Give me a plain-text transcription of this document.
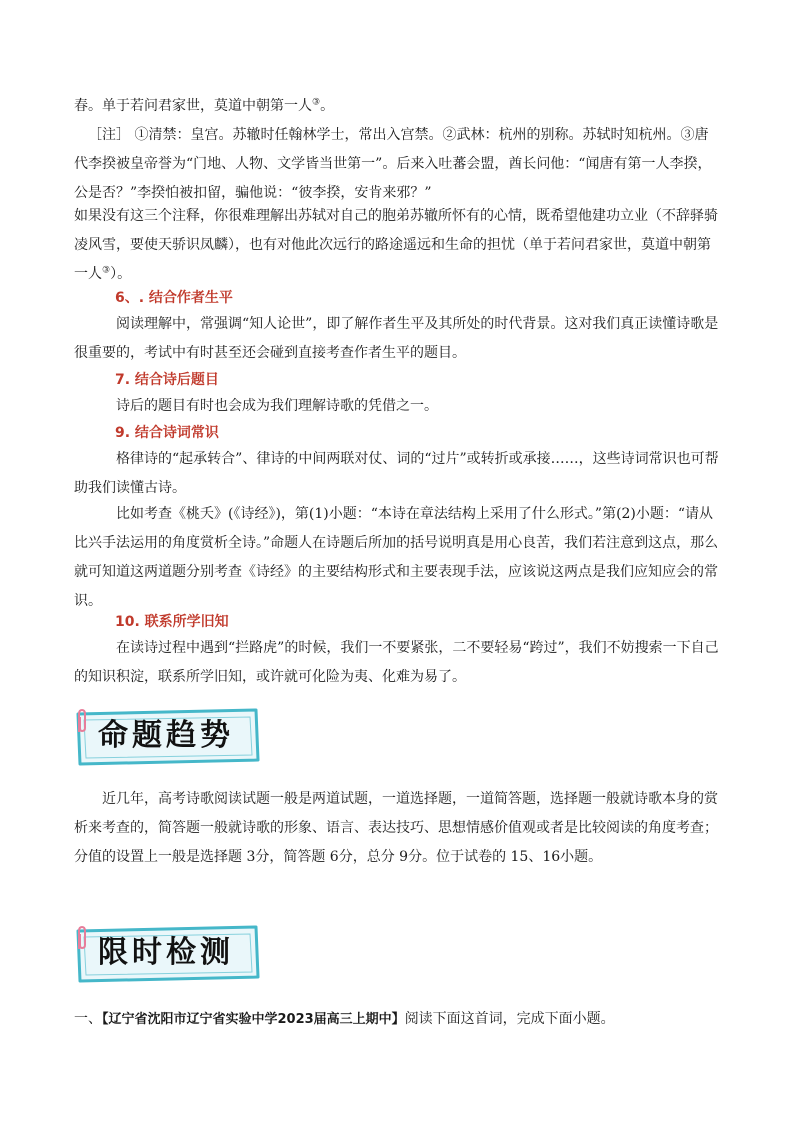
春。单于若问君家世，莫道中朝第一人③。

［注］ ①清禁：皇宫。苏辙时任翰林学士，常出入宫禁。②武林：杭州的别称。苏轼时知杭州。③唐代李揆被皇帝誉为“门地、人物、文学皆当世第一”。后来入吐蕃会盟，酋长问他：“闻唐有第一人李揆，公是否？”李揆怕被扣留，骗他说：“彼李揆，安肯来邪？”

如果没有这三个注释，你很难理解出苏轼对自己的胞弟苏辙所怀有的心情，既希望他建功立业（不辞驿骑凌风雪，要使天骄识凤麟），也有对他此次远行的路途遥远和生命的担忧（单于若问君家世，莫道中朝第一人③）。

6、. 结合作者生平

阅读理解中，常强调“知人论世”，即了解作者生平及其所处的时代背景。这对我们真正读懂诗歌是很重要的，考试中有时甚至还会碰到直接考查作者生平的题目。

7. 结合诗后题目

诗后的题目有时也会成为我们理解诗歌的凭借之一。

9. 结合诗词常识

格律诗的“起承转合”、律诗的中间两联对仗、词的“过片”或转折或承接……，这些诗词常识也可帮助我们读懂古诗。

比如考查《桃夭》(《诗经》)，第(1)小题：“本诗在章法结构上采用了什么形式。”第(2)小题：“请从比兴手法运用的角度赏析全诗。”命题人在诗题后所加的括号说明真是用心良苦，我们若注意到这点，那么就可知道这两道题分别考查《诗经》的主要结构形式和主要表现手法，应该说这两点是我们应知应会的常识。

10. 联系所学旧知

在读诗过程中遇到“拦路虎”的时候，我们一不要紧张，二不要轻易“跨过”，我们不妨搜索一下自己的知识积淀，联系所学旧知，或许就可化险为夷、化难为易了。

命题趋势

近几年，高考诗歌阅读试题一般是两道试题，一道选择题，一道简答题，选择题一般就诗歌本身的赏析来考查的，简答题一般就诗歌的形象、语言、表达技巧、思想情感价值观或者是比较阅读的角度考查；分值的设置上一般是选择题 3分，简答题 6分，总分 9分。位于试卷的 15、16小题。

限时检测

一、【辽宁省沈阳市辽宁省实验中学2023届高三上期中】阅读下面这首词，完成下面小题。
